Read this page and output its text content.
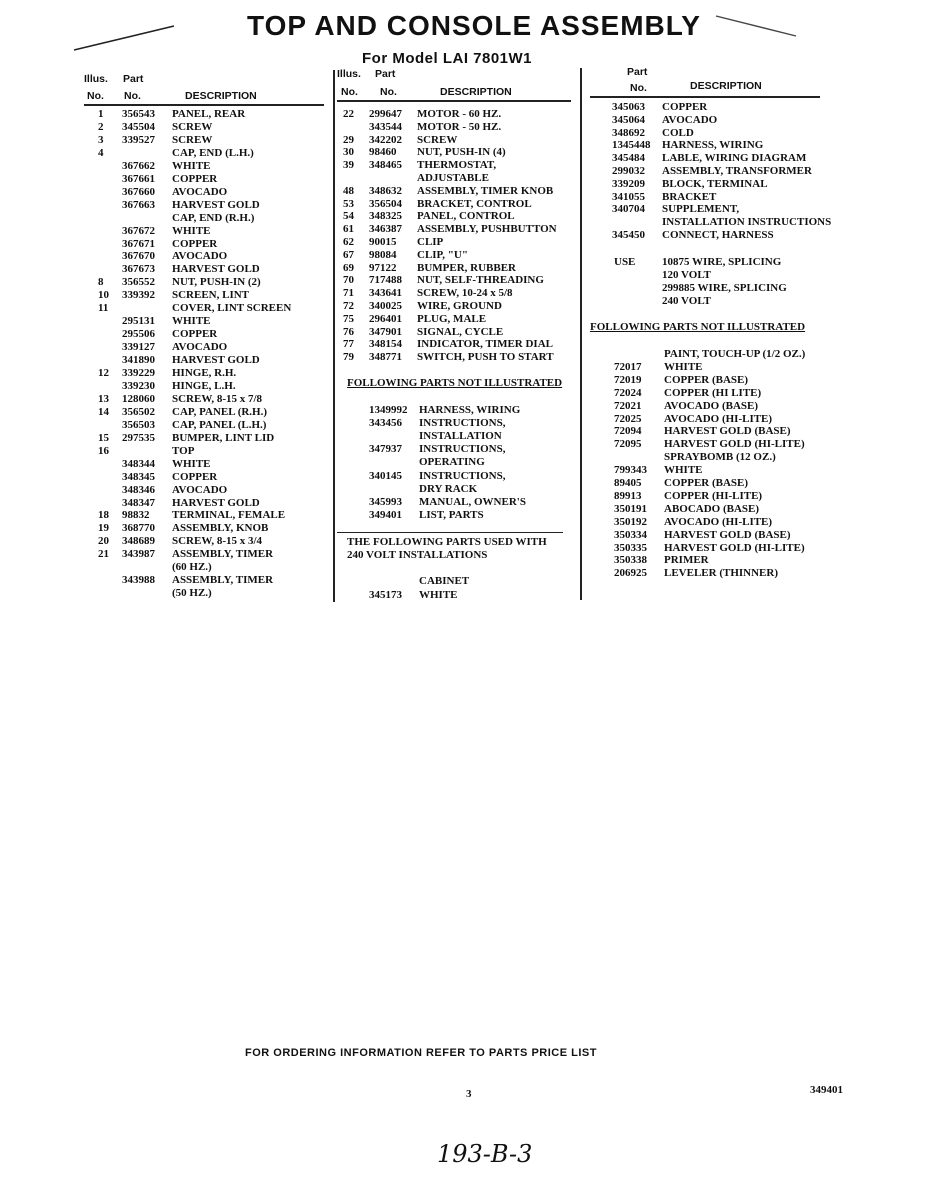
TOP AND CONSOLE ASSEMBLY
For Model LAI 7801W1
Illus. Part
No. No.	DESCRIPTION
1 356543 PANEL, REAR
2 345504 SCREW
3 339527 SCREW
4	CAP, END (L.H.)
367662 WHITE
367661 COPPER
367660 AVOCADO
367663 HARVEST GOLD
CAP, END (R.H.)
367672 WHITE
367671 COPPER
367670 AVOCADO
367673 HARVEST GOLD
8 356552 NUT, PUSH-IN (2)
10 339392 SCREEN, LINT
11	COVER, LINT SCREEN
295131 WHITE
295506 COPPER
339127 AVOCADO
341890 HARVEST GOLD
12 339229 HINGE, R.H.
339230 HINGE, L.H.
13 128060 SCREW, 8-15 x 7/8
14 356502 CAP, PANEL (R.H.)
356503 CAP, PANEL (L.H.)
15 297535 BUMPER, LINT LID
16	TOP
348344 WHITE
348345 COPPER
348346 AVOCADO
348347 HARVEST GOLD
18 98832 TERMINAL, FEMALE
19 368770 ASSEMBLY, KNOB
20 348689 SCREW, 8-15 x 3/4
21 343987 ASSEMBLY, TIMER
(60 HZ.)
343988 ASSEMBLY, TIMER
(50 HZ.)
Illus. Part
No. No.	DESCRIPTION
22 299647 MOTOR - 60 HZ.
343544 MOTOR - 50 HZ.
29 342202 SCREW
30 98460 NUT, PUSH-IN (4)
39 348465 THERMOSTAT,
ADJUSTABLE
48 348632 ASSEMBLY, TIMER KNOB
53 356504 BRACKET, CONTROL
54 348325 PANEL, CONTROL
61 346387 ASSEMBLY, PUSHBUTTON
62 90015 CLIP
67 98084 CLIP, "U"
69 97122 BUMPER, RUBBER
70 717488 NUT, SELF-THREADING
71 343641 SCREW, 10-24 x 5/8
72 340025 WIRE, GROUND
75 296401 PLUG, MALE
76 347901 SIGNAL, CYCLE
77 348154 INDICATOR, TIMER DIAL
79 348771 SWITCH, PUSH TO START
FOLLOWING PARTS NOT ILLUSTRATED
1349992 HARNESS, WIRING
343456 INSTRUCTIONS,
INSTALLATION
347937 INSTRUCTIONS,
OPERATING
340145 INSTRUCTIONS,
DRY RACK
345993 MANUAL, OWNER'S
349401 LIST, PARTS
THE FOLLOWING PARTS USED WITH
240 VOLT INSTALLATIONS
CABINET
345173 WHITE
Part
No.	DESCRIPTION
345063 COPPER
345064 AVOCADO
348692 COLD
1345448 HARNESS, WIRING
345484 LABLE, WIRING DIAGRAM
299032 ASSEMBLY, TRANSFORMER
339209 BLOCK, TERMINAL
341055 BRACKET
340704 SUPPLEMENT,
INSTALLATION INSTRUCTIONS
345450 CONNECT, HARNESS
USE 10875 WIRE, SPLICING
120 VOLT
299885 WIRE, SPLICING
240 VOLT
FOLLOWING PARTS NOT ILLUSTRATED
PAINT, TOUCH-UP (1/2 OZ.)
72017 WHITE
72019 COPPER (BASE)
72024 COPPER (HI LITE)
72021 AVOCADO (BASE)
72025 AVOCADO (HI-LITE)
72094 HARVEST GOLD (BASE)
72095 HARVEST GOLD (HI-LITE)
SPRAYBOMB (12 OZ.)
799343 WHITE
89405 COPPER (BASE)
89913 COPPER (HI-LITE)
350191 ABOCADO (BASE)
350192 AVOCADO (HI-LITE)
350334 HARVEST GOLD (BASE)
350335 HARVEST GOLD (HI-LITE)
350338 PRIMER
206925 LEVELER (THINNER)
FOR ORDERING INFORMATION REFER TO PARTS PRICE LIST
3	349401
193-B-3
